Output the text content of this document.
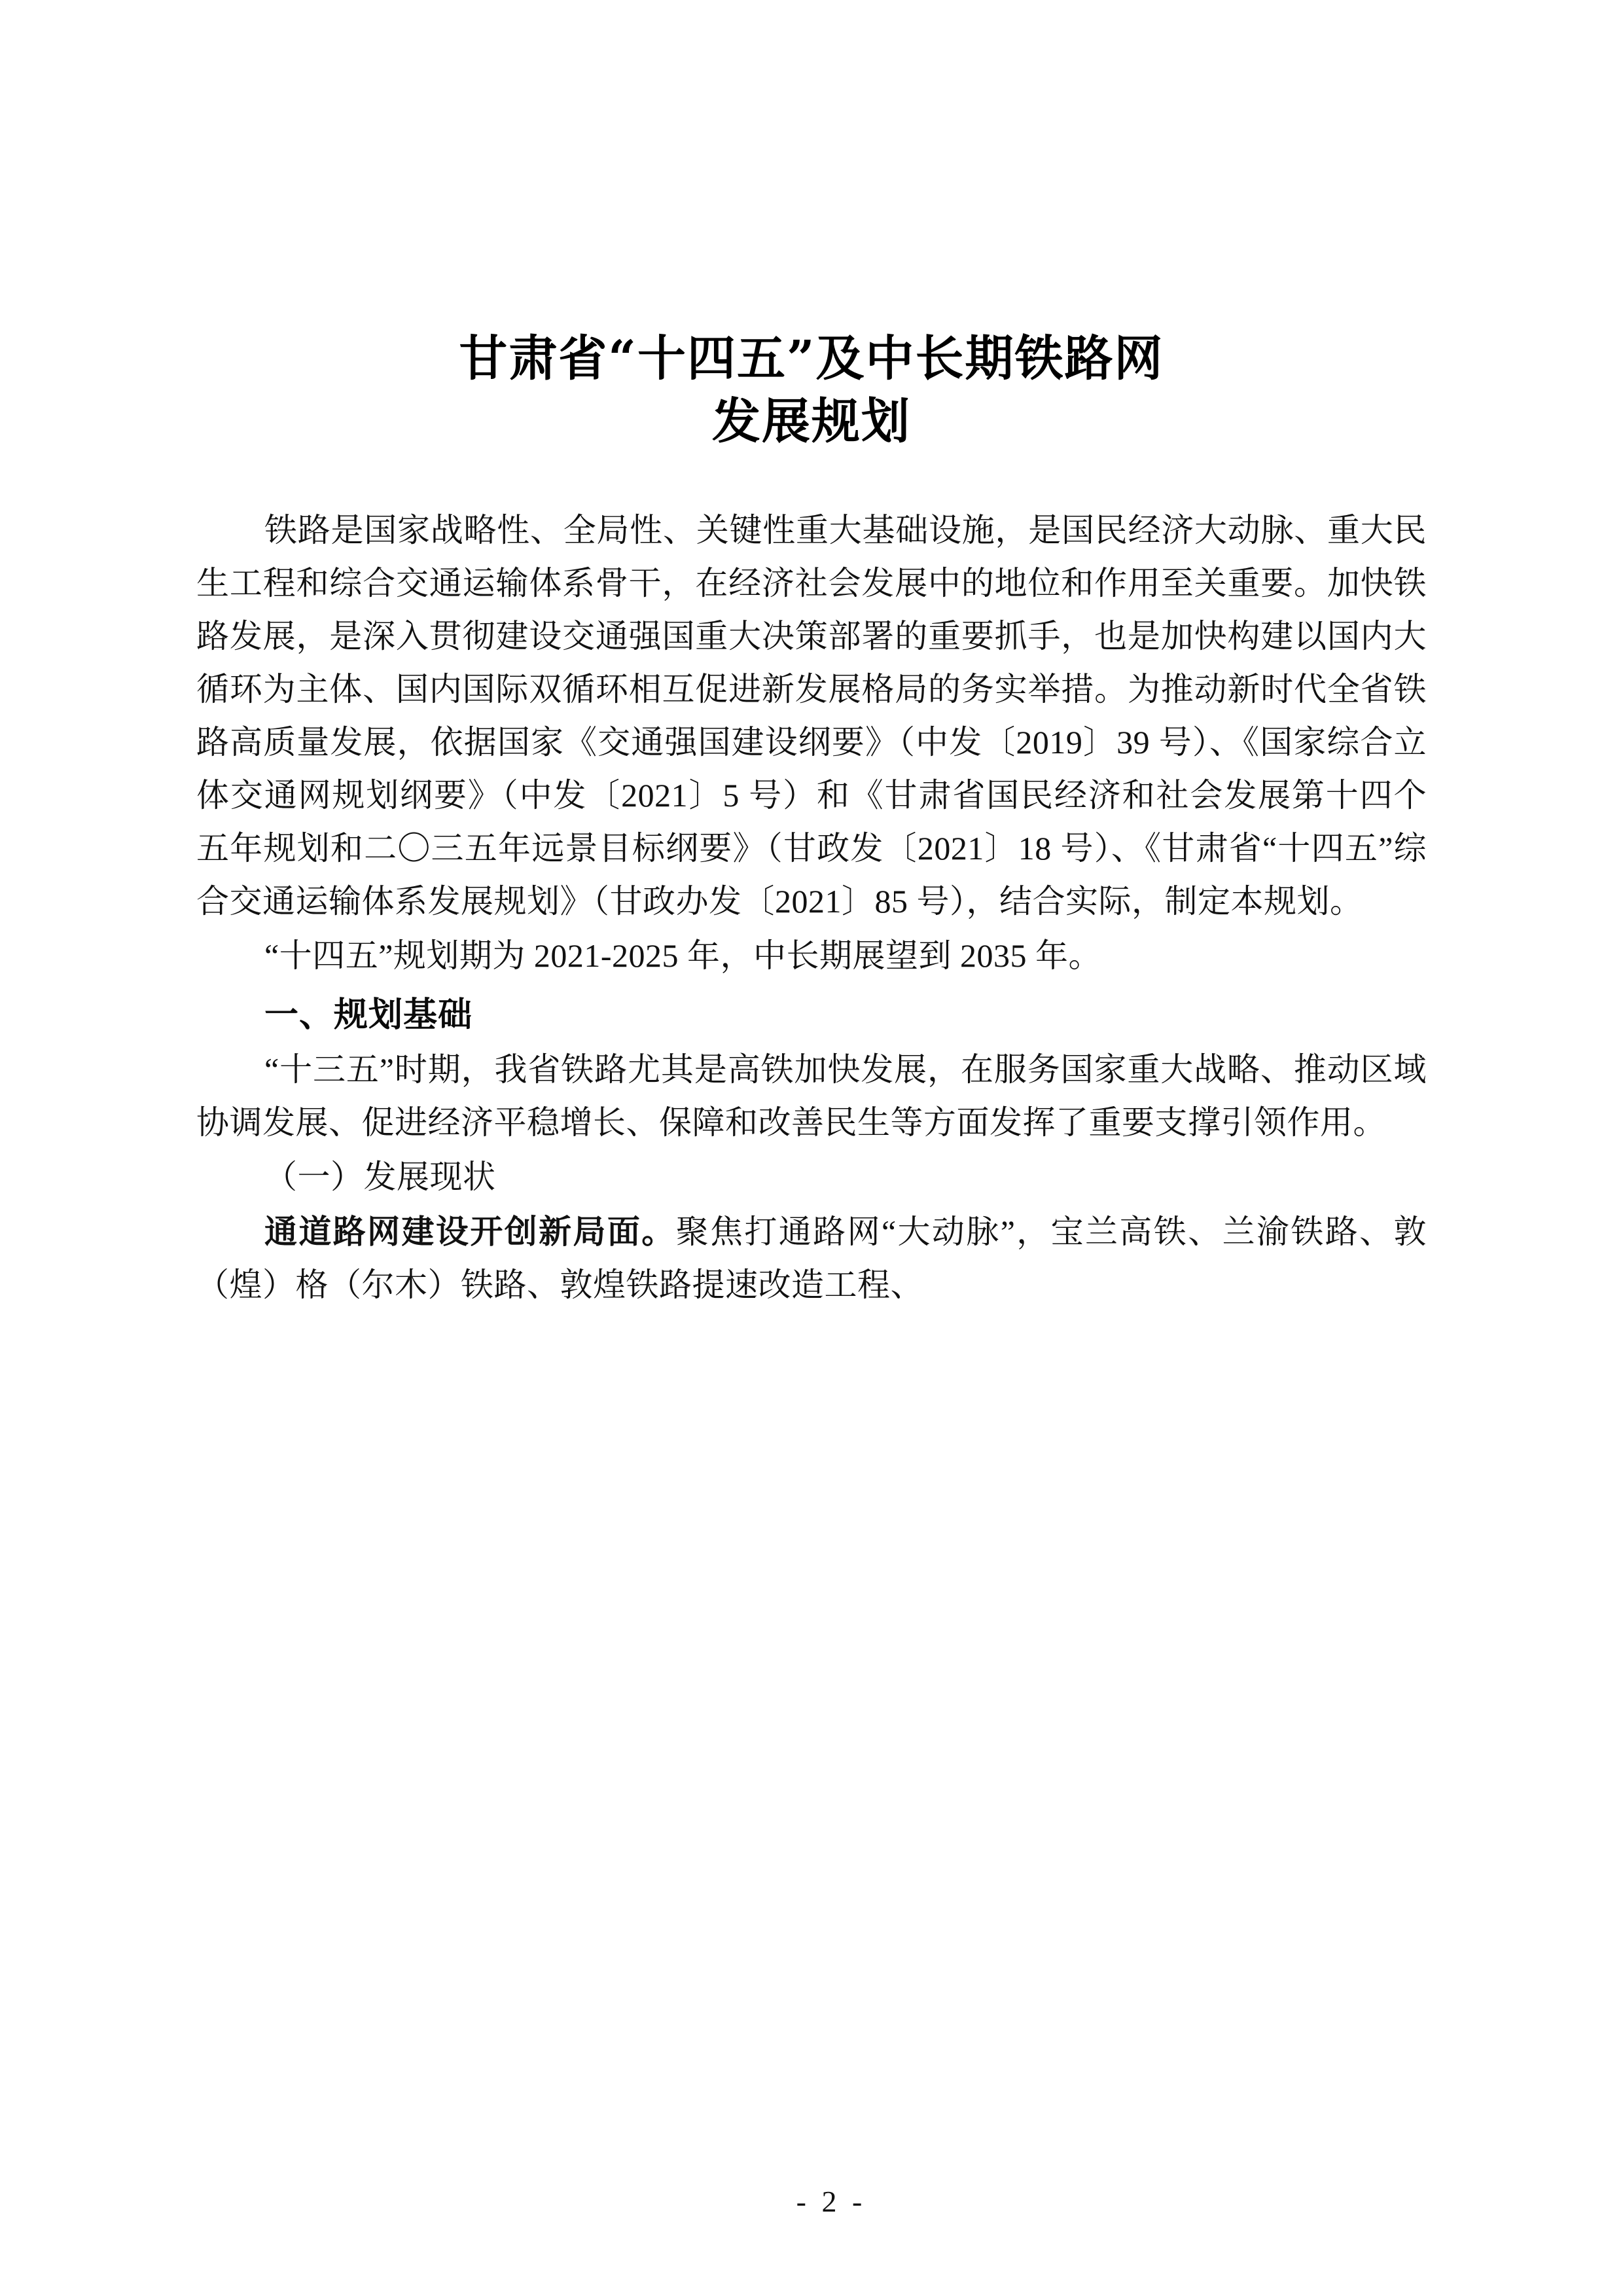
甘肃省“十四五”及中长期铁路网
发展规划

铁路是国家战略性、全局性、关键性重大基础设施，是国民经济大动脉、重大民生工程和综合交通运输体系骨干，在经济社会发展中的地位和作用至关重要。加快铁路发展，是深入贯彻建设交通强国重大决策部署的重要抓手，也是加快构建以国内大循环为主体、国内国际双循环相互促进新发展格局的务实举措。为推动新时代全省铁路高质量发展，依据国家《交通强国建设纲要》（中发〔2019〕39 号）、《国家综合立体交通网规划纲要》（中发〔2021〕5 号）和《甘肃省国民经济和社会发展第十四个五年规划和二〇三五年远景目标纲要》（甘政发〔2021〕18 号）、《甘肃省“十四五”综合交通运输体系发展规划》（甘政办发〔2021〕85 号），结合实际，制定本规划。

“十四五”规划期为 2021-2025 年，中长期展望到 2035 年。

一、规划基础

“十三五”时期，我省铁路尤其是高铁加快发展，在服务国家重大战略、推动区域协调发展、促进经济平稳增长、保障和改善民生等方面发挥了重要支撑引领作用。

（一）发展现状

通道路网建设开创新局面。聚焦打通路网“大动脉”，宝兰高铁、兰渝铁路、敦（煌）格（尔木）铁路、敦煌铁路提速改造工程、

- 2 -
